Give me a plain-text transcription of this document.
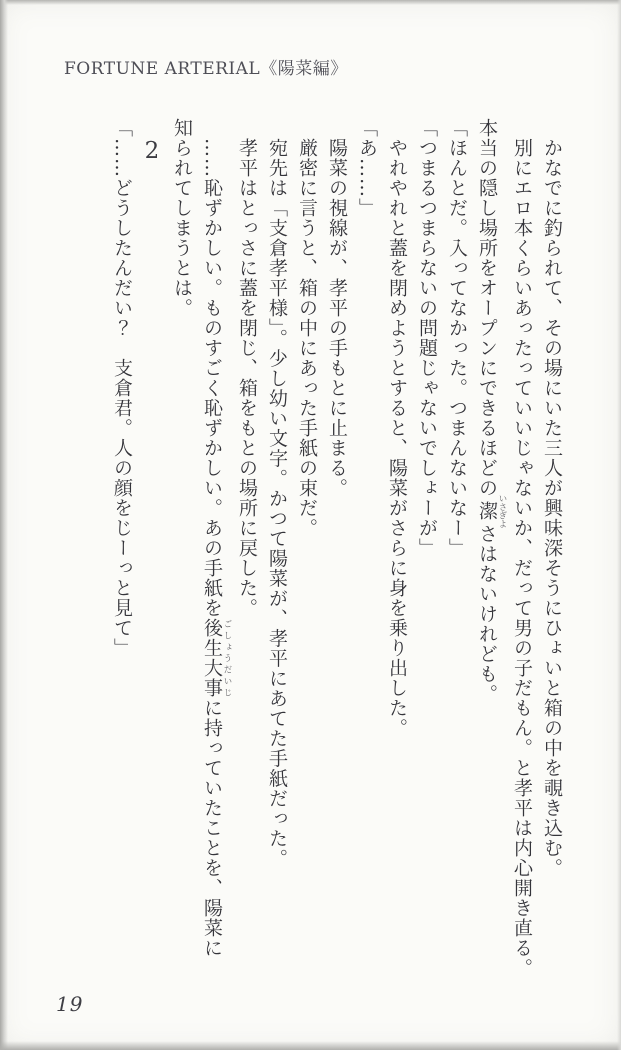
FORTUNE ARTERIAL《陽菜編》

かなでに釣られて、その場にいた三人が興味深そうにひょいと箱の中を覗き込む。

別にエロ本くらいあったっていいじゃないか、だって男の子だもん。と孝平は内心開き直る。

本当の隠し場所をオープンにできるほどの潔 いさぎよさはないけれども。

「ほんとだ。入ってなかった。つまんないなー」

「つまるつまらないの問題じゃないでしょーが」

やれやれと蓋を閉めようとすると、陽菜がさらに身を乗り出した。

「あ……」

陽菜の視線が、孝平の手もとに止まる。

厳密に言うと、箱の中にあった手紙の束だ。

宛先は「支倉孝平様」。少し幼い文字。かつて陽菜が、孝平にあてた手紙だった。

孝平はとっさに蓋を閉じ、箱をもとの場所に戻した。

……恥ずかしい。ものすごく恥ずかしい。あの手紙を後生大事 ごしょうだいじに持っていたことを、陽菜に

知られてしまうとは。

2

「……どうしたんだい？　支倉君。人の顔をじーっと見て」

19
